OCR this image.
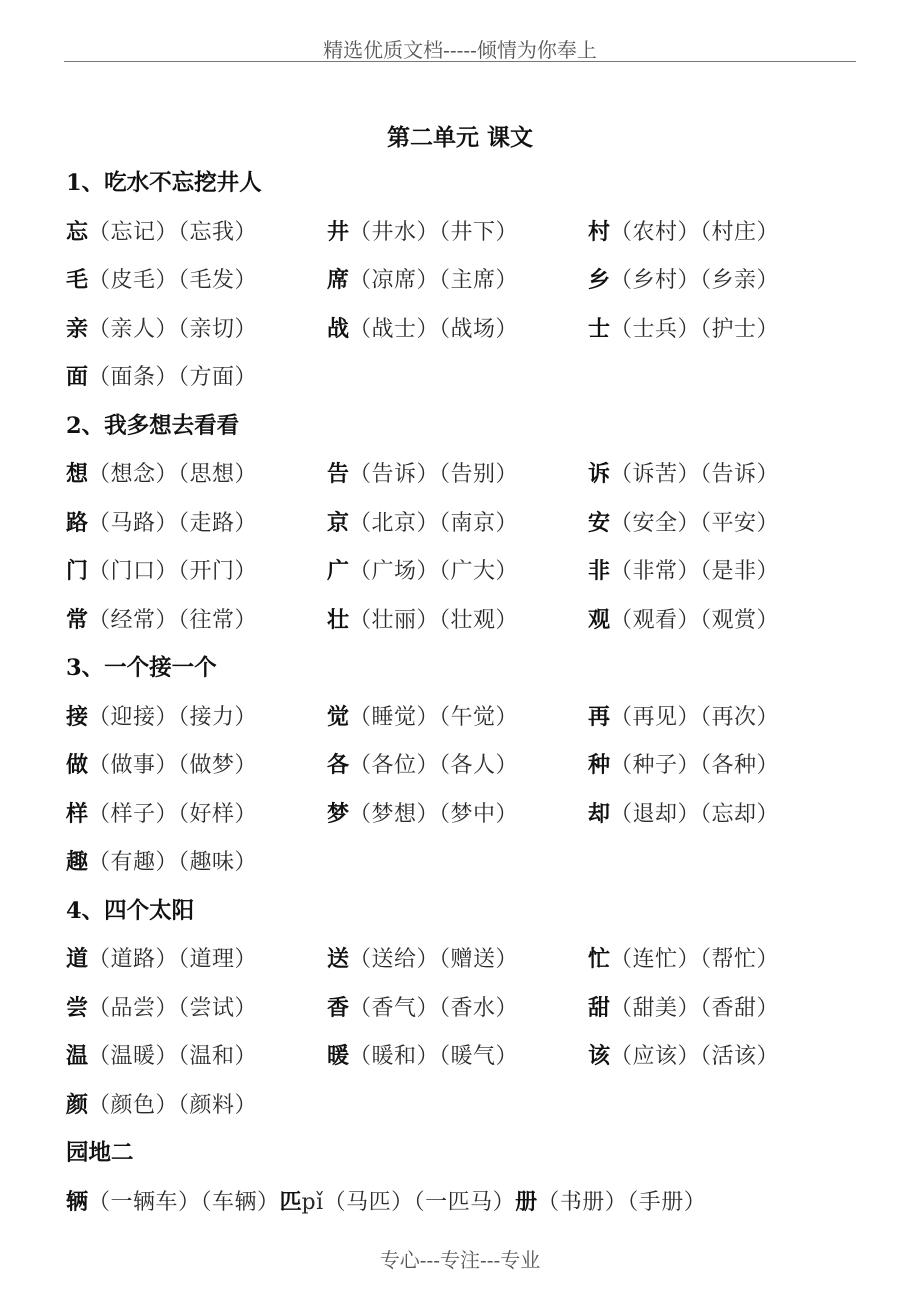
精选优质文档-----倾情为你奉上
第二单元 课文
1、吃水不忘挖井人
忘（忘记）（忘我）	井（井水）（井下）	村（农村）（村庄）
毛（皮毛）（毛发）	席（凉席）（主席）	乡（乡村）（乡亲）
亲（亲人）（亲切）	战（战士）（战场）	士（士兵）（护士）
面（面条）（方面）
2、我多想去看看
想（想念）（思想）	告（告诉）（告别）	诉（诉苦）（告诉）
路（马路）（走路）	京（北京）（南京）	安（安全）（平安）
门（门口）（开门）	广（广场）（广大）	非（非常）（是非）
常（经常）（往常）	壮（壮丽）（壮观）	观（观看）（观赏）
3、一个接一个
接（迎接）（接力）	觉（睡觉）（午觉）	再（再见）（再次）
做（做事）（做梦）	各（各位）（各人）	种（种子）（各种）
样（样子）（好样）	梦（梦想）（梦中）	却（退却）（忘却）
趣（有趣）（趣味）
4、四个太阳
道（道路）（道理）	送（送给）（赠送）	忙（连忙）（帮忙）
尝（品尝）（尝试）	香（香气）（香水）	甜（甜美）（香甜）
温（温暖）（温和）	暖（暖和）（暖气）	该（应该）（活该）
颜（颜色）（颜料）
园地二
辆（一辆车）（车辆）匹pǐ（马匹）（一匹马）册（书册）（手册）
专心---专注---专业
